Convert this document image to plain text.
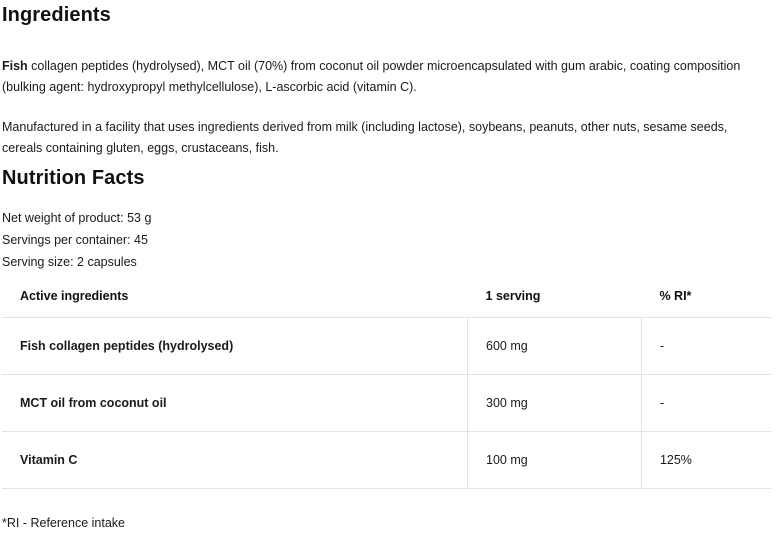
Ingredients

Fish collagen peptides (hydrolysed), MCT oil (70%) from coconut oil powder microencapsulated with gum arabic, coating composition (bulking agent: hydroxypropyl methylcellulose), L-ascorbic acid (vitamin C).

Manufactured in a facility that uses ingredients derived from milk (including lactose), soybeans, peanuts, other nuts, sesame seeds, cereals containing gluten, eggs, crustaceans, fish.

Nutrition Facts
Net weight of product: 53 g
Servings per container: 45
Serving size: 2 capsules
Active ingredients	1 serving	% RI*
Fish collagen peptides (hydrolysed)	600 mg	-
MCT oil from coconut oil	300 mg	-
Vitamin C	100 mg	125%
*RI - Reference intake
